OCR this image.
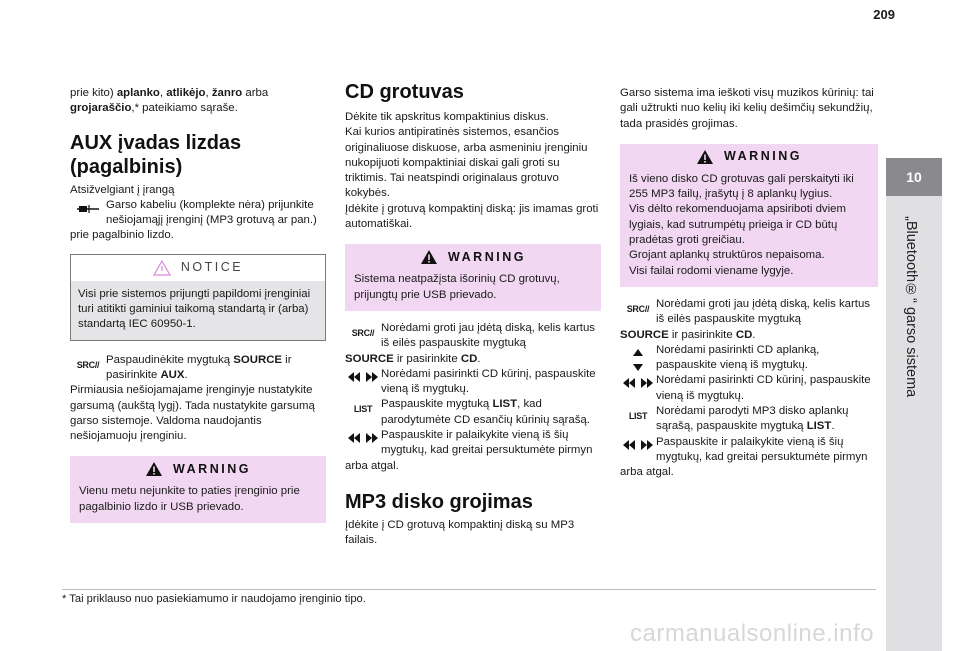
209
10
„Bluetooth®“ garso sistema

prie kito) aplanko, atlikėjo, žanro arba grojaraščio,* pateikiamo sąraše.

AUX įvadas lizdas (pagalbinis)

Atsižvelgiant į įrangą

Garso kabeliu (komplekte nėra) prijunkite nešiojamąjį įrenginį (MP3 grotuvą ar pan.)

prie pagalbinio lizdo.

NOTICE

Visi prie sistemos prijungti papildomi įrenginiai turi atitikti gaminiui taikomą standartą ir (arba) standartą IEC 60950-1.

SRC// Paspaudinėkite mygtuką SOURCE ir pasirinkite AUX.

Pirmiausia nešiojamajame įrenginyje nustatykite garsumą (aukštą lygį). Tada nustatykite garsumą garso sistemoje. Valdoma naudojantis nešiojamuoju įrenginiu.

WARNING

Vienu metu nejunkite to paties įrenginio prie pagalbinio lizdo ir USB prievado.

CD grotuvas

Dėkite tik apskritus kompaktinius diskus.
Kai kurios antipiratinės sistemos, esančios originaliuose diskuose, arba asmeniniu įrenginiu nukopijuoti kompaktiniai diskai gali groti su triktimis. Tai neatspindi originalaus grotuvo kokybės.
Įdėkite į grotuvą kompaktinį diską: jis imamas groti automatiškai.

WARNING

Sistema neatpažįsta išorinių CD grotuvų, prijungtų prie USB prievado.

SRC// Norėdami groti jau įdėtą diską, kelis kartus iš eilės paspauskite mygtuką

SOURCE ir pasirinkite CD.

Norėdami pasirinkti CD kūrinį, paspauskite vieną iš mygtukų.

LIST Paspauskite mygtuką LIST, kad parodytumėte CD esančių kūrinių sąrašą.

Paspauskite ir palaikykite vieną iš šių mygtukų, kad greitai persuktumėte pirmyn

arba atgal.

MP3 disko grojimas

Įdėkite į CD grotuvą kompaktinį diską su MP3 failais.

Garso sistema ima ieškoti visų muzikos kūrinių: tai gali užtrukti nuo kelių iki kelių dešimčių sekundžių, tada prasidės grojimas.

WARNING

Iš vieno disko CD grotuvas gali perskaityti iki 255 MP3 failų, įrašytų į 8 aplankų lygius.
Vis dėlto rekomenduojama apsiriboti dviem lygiais, kad sutrumpėtų prieiga ir CD būtų pradėtas groti greičiau.
Grojant aplankų struktūros nepaisoma.
Visi failai rodomi viename lygyje.

SRC// Norėdami groti jau įdėtą diską, kelis kartus iš eilės paspauskite mygtuką

SOURCE ir pasirinkite CD.

Norėdami pasirinkti CD aplanką, paspauskite vieną iš mygtukų.

Norėdami pasirinkti CD kūrinį, paspauskite vieną iš mygtukų.

LIST Norėdami parodyti MP3 disko aplankų sąrašą, paspauskite mygtuką LIST.

Paspauskite ir palaikykite vieną iš šių mygtukų, kad greitai persuktumėte pirmyn

arba atgal.

* Tai priklauso nuo pasiekiamumo ir naudojamo įrenginio tipo.
carmanualsonline.info
